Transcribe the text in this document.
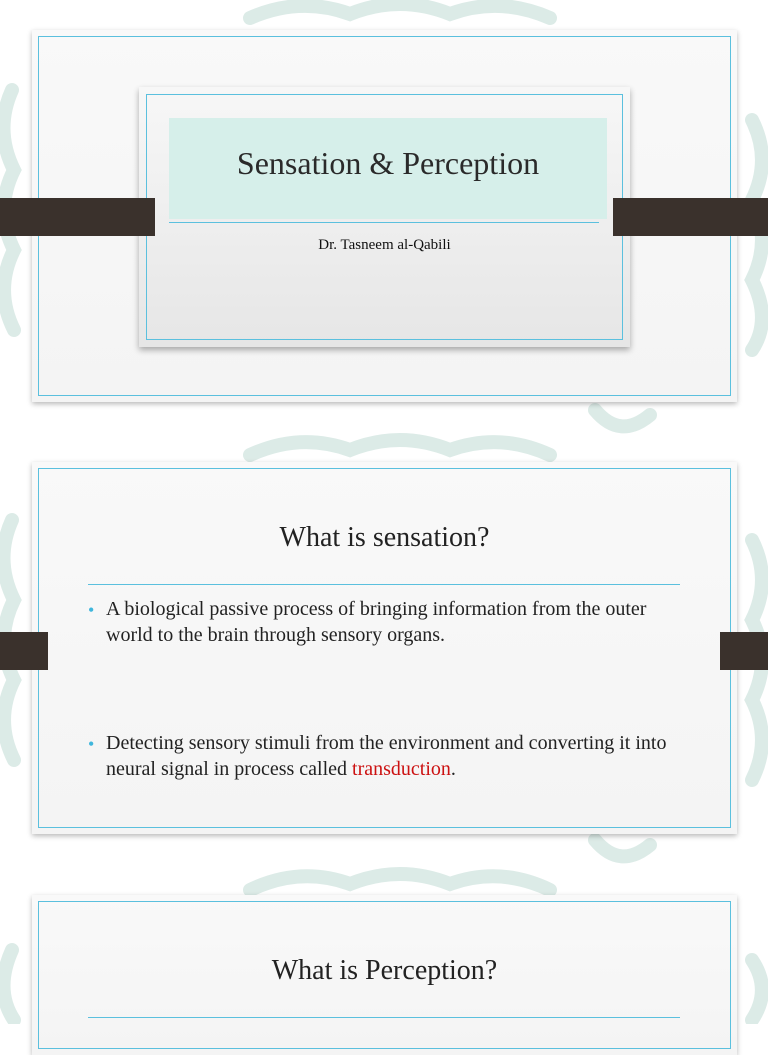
Sensation & Perception
Dr. Tasneem al-Qabili
What is sensation?
• A biological passive process of bringing information from the outer world to the brain through sensory organs.
• Detecting sensory stimuli from the environment and converting it into neural signal in process called transduction.
What is Perception?
